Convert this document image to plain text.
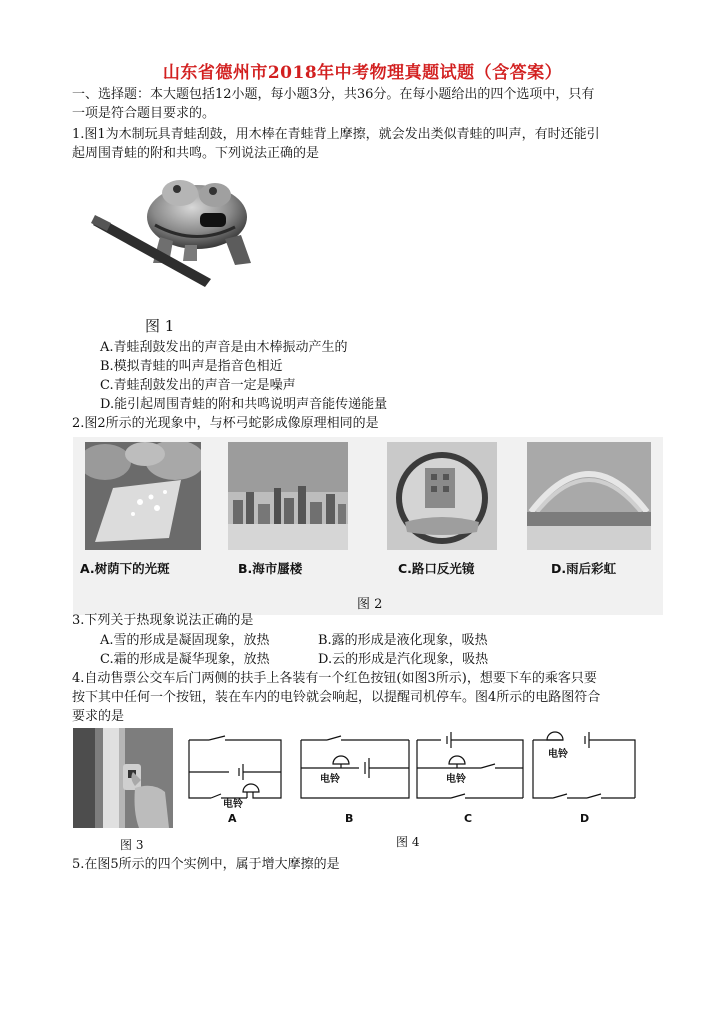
山东省德州市2018年中考物理真题试题（含答案）
一、选择题：本大题包括12小题，每小题3分，共36分。在每小题给出的四个选项中，只有
一项是符合题目要求的。
1.图1为木制玩具青蛙刮鼓，用木棒在青蛙背上摩擦，就会发出类似青蛙的叫声，有时还能引
起周围青蛙的附和共鸣。下列说法正确的是
图 1
A.青蛙刮鼓发出的声音是由木棒振动产生的
B.模拟青蛙的叫声是指音色相近
C.青蛙刮鼓发出的声音一定是噪声
D.能引起周围青蛙的附和共鸣说明声音能传递能量
2.图2所示的光现象中，与杯弓蛇影成像原理相同的是
A.树荫下的光斑	B.海市蜃楼	C.路口反光镜	D.雨后彩虹
图 2
3.下列关于热现象说法正确的是
A.雪的形成是凝固现象，放热	B.露的形成是液化现象，吸热
C.霜的形成是凝华现象，放热	D.云的形成是汽化现象，吸热
4.自动售票公交车后门两侧的扶手上各装有一个红色按钮(如图3所示)，想要下车的乘客只要
按下其中任何一个按钮，装在车内的电铃就会响起，以提醒司机停车。图4所示的电路图符合
要求的是
图 3
电铃
电铃	电铃
电铃
A	B	C	D
图 4
5.在图5所示的四个实例中，属于增大摩擦的是
